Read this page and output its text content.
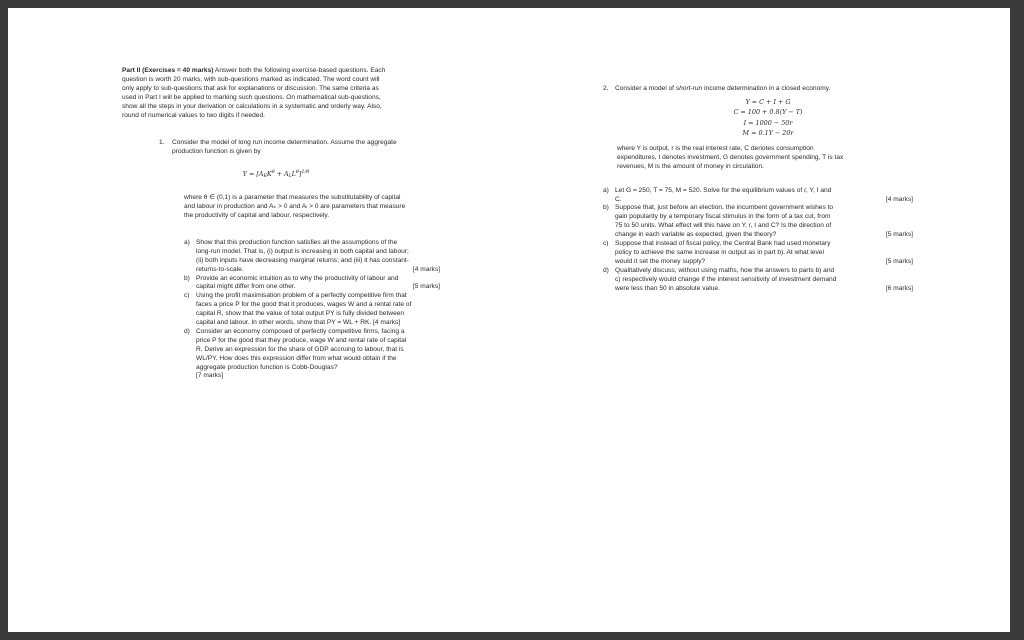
Part II (Exercises = 40 marks) Answer both the following exercise-based questions. Each
question is worth 20 marks, with sub-questions marked as indicated. The word count will
only apply to sub-questions that ask for explanations or discussion. The same criteria as
used in Part I will be applied to marking such questions. On mathematical sub-questions,
show all the steps in your derivation or calculations in a systematic and orderly way. Also,
round of numerical values to two digits if needed.

1.	Consider the model of long run income determination. Assume the aggregate
production function is given by
$Y = [A_KK^\theta + A_LL^\theta]^{1/\theta}$

where θ ∈ (0,1) is a parameter that measures the substitutability of capital
and labour in production and Aₖ > 0 and Aₗ > 0 are parameters that measure
the productivity of capital and labour, respectively.

a) Show that this production function satisfies all the assumptions of the
long-run model. That is, (i) output is increasing in both capital and labour;
(ii) both inputs have decreasing marginal returns; and (iii) it has constant-
returns-to-scale.	[4 marks]
b) Provide an economic intuition as to why the productivity of labour and
capital might differ from one other.	[5 marks]
c) Using the profit maximisation problem of a perfectly competitive firm that
faces a price P for the good that it produces, wages W and a rental rate of
capital R, show that the value of total output PY is fully divided between
capital and labour. In other words, show that PY = WL + RK. [4 marks]
d) Consider an economy composed of perfectly competitive firms, facing a
price P for the good that they produce, wage W and rental rate of capital
R. Derive an expression for the share of GDP accruing to labour, that is
WL/PY. How does this expression differ from what would obtain if the
aggregate production function is Cobb-Douglas?
[7 marks]
2. Consider a model of short-run income determination in a closed economy.
Y = C + I + G
C = 100 + 0.8(Y − T)
I = 1000 − 50r
M = 0.1Y − 20r

where Y is output, r is the real interest rate, C denotes consumption
expenditures, I denotes investment, G denotes government spending, T is tax
revenues, M is the amount of money in circulation.

a) Let G = 250, T = 75, M = 520. Solve for the equilibrium values of r, Y, I and
C.	[4 marks]
b) Suppose that, just before an election, the incumbent government wishes to
gain popularity by a temporary fiscal stimulus in the form of a tax cut, from
75 to 50 units. What effect will this have on Y, r, I and C? Is the direction of
change in each variable as expected, given the theory?	[5 marks]
c) Suppose that instead of fiscal policy, the Central Bank had used monetary
policy to achieve the same increase in output as in part b). At what level
would it set the money supply?	[5 marks]
d) Qualitatively discuss, without using maths, how the answers to parts b) and
c) respectively would change if the interest sensitivity of investment demand
were less than 50 in absolute value.	[6 marks]
